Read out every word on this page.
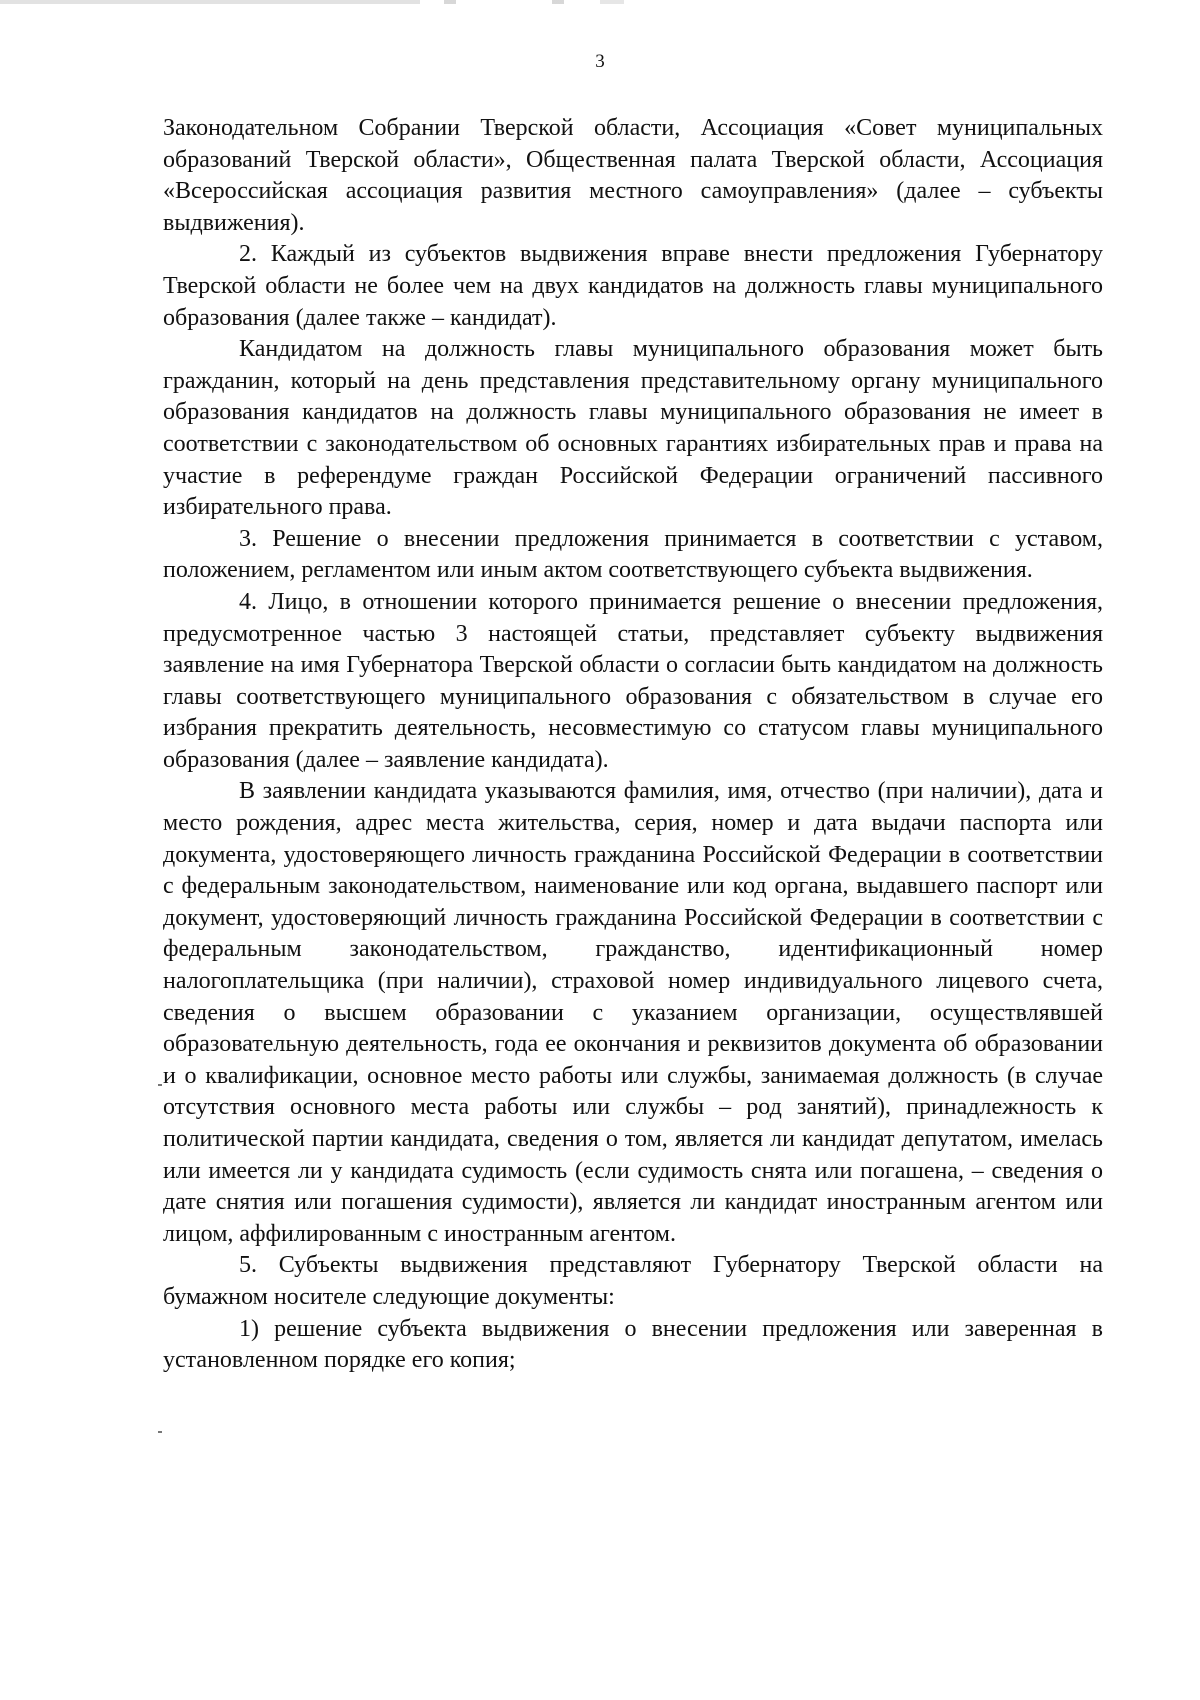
3

Законодательном Собрании Тверской области, Ассоциация «Совет муниципальных образований Тверской области», Общественная палата Тверской области, Ассоциация «Всероссийская ассоциация развития местного самоуправления» (далее – субъекты выдвижения).

2. Каждый из субъектов выдвижения вправе внести предложения Губернатору Тверской области не более чем на двух кандидатов на должность главы муниципального образования (далее также – кандидат).

Кандидатом на должность главы муниципального образования может быть гражданин, который на день представления представительному органу муниципального образования кандидатов на должность главы муниципального образования не имеет в соответствии с законодательством об основных гарантиях избирательных прав и права на участие в референдуме граждан Российской Федерации ограничений пассивного избирательного права.

3. Решение о внесении предложения принимается в соответствии с уставом, положением, регламентом или иным актом соответствующего субъекта выдвижения.

4. Лицо, в отношении которого принимается решение о внесении предложения, предусмотренное частью 3 настоящей статьи, представляет субъекту выдвижения заявление на имя Губернатора Тверской области о согласии быть кандидатом на должность главы соответствующего муниципального образования с обязательством в случае его избрания прекратить деятельность, несовместимую со статусом главы муниципального образования (далее – заявление кандидата).

В заявлении кандидата указываются фамилия, имя, отчество (при наличии), дата и место рождения, адрес места жительства, серия, номер и дата выдачи паспорта или документа, удостоверяющего личность гражданина Российской Федерации в соответствии с федеральным законодательством, наименование или код органа, выдавшего паспорт или документ, удостоверяющий личность гражданина Российской Федерации в соответствии с федеральным законодательством, гражданство, идентификационный номер налогоплательщика (при наличии), страховой номер индивидуального лицевого счета, сведения о высшем образовании с указанием организации, осуществлявшей образовательную деятельность, года ее окончания и реквизитов документа об образовании и о квалификации, основное место работы или службы, занимаемая должность (в случае отсутствия основного места работы или службы – род занятий), принадлежность к политической партии кандидата, сведения о том, является ли кандидат депутатом, имелась или имеется ли у кандидата судимость (если судимость снята или погашена, – сведения о дате снятия или погашения судимости), является ли кандидат иностранным агентом или лицом, аффилированным с иностранным агентом.

5. Субъекты выдвижения представляют Губернатору Тверской области на бумажном носителе следующие документы:

1) решение субъекта выдвижения о внесении предложения или заверенная в установленном порядке его копия;
